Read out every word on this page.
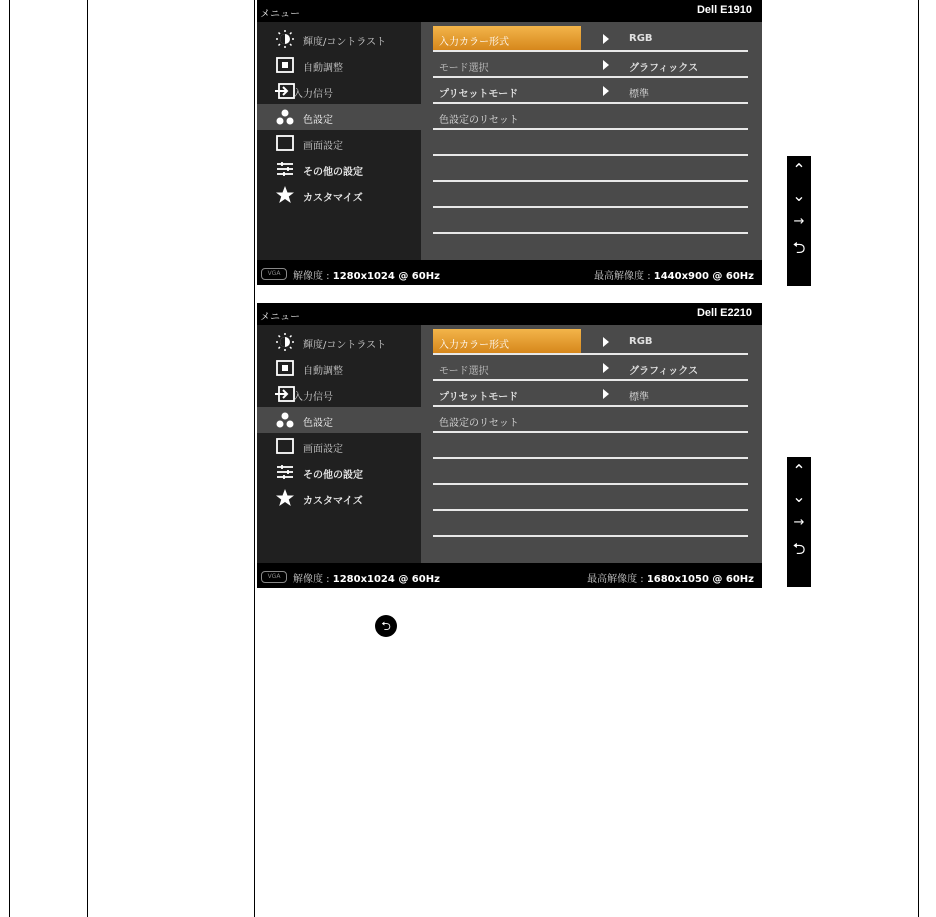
メニュー	Dell E1910
輝度/コントラスト
自動調整
入力信号
色設定
画面設定
その他の設定
カスタマイズ
入力カラー形式	RGB
モード選択	グラフィックス
プリセットモード	標準
色設定のリセット
VGA	解像度 : 1280x1024 @ 60Hz	最高解像度 : 1440x900 @ 60Hz
⌃
⌄
→
⮌
メニュー	Dell E2210
輝度/コントラスト
自動調整
入力信号
色設定
画面設定
その他の設定
カスタマイズ
入力カラー形式	RGB
モード選択	グラフィックス
プリセットモード	標準
色設定のリセット
VGA	解像度 : 1280x1024 @ 60Hz	最高解像度 : 1680x1050 @ 60Hz
⌃
⌄
→
⮌
⮌
